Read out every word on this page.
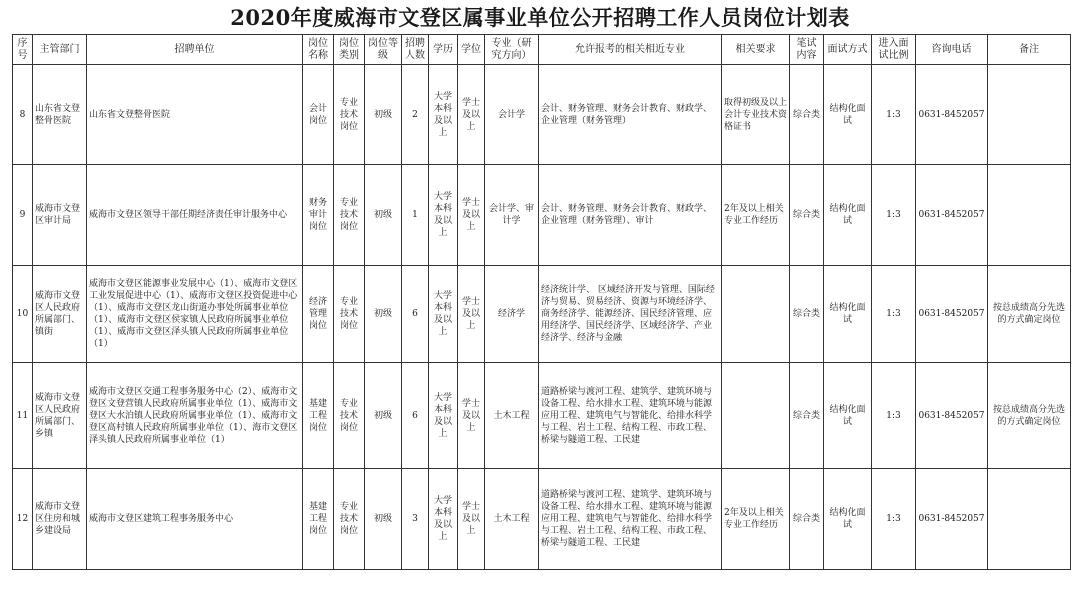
2020年度威海市文登区属事业单位公开招聘工作人员岗位计划表
序号	主管部门	招聘单位	岗位名称	岗位类别	岗位等级	招聘人数	学历	学位	专业（研究方向）	允许报考的相关相近专业	相关要求	笔试内容	面试方式	进入面试比例	咨询电话	备注
8	山东省文登整骨医院	山东省文登整骨医院	会计岗位	专业技术岗位	初级	2	大学本科及以上	学士及以上	会计学	会计、财务管理、财务会计教育、财政学、企业管理（财务管理）	取得初级及以上会计专业技术资格证书	综合类	结构化面试	1:3	0631-8452057	
9	威海市文登区审计局	威海市文登区领导干部任期经济责任审计服务中心	财务审计岗位	专业技术岗位	初级	1	大学本科及以上	学士及以上	会计学、审计学	会计、财务管理、财务会计教育、财政学、企业管理（财务管理）、审计	2年及以上相关专业工作经历	综合类	结构化面试	1:3	0631-8452057	
10	威海市文登区人民政府所属部门、镇街	威海市文登区能源事业发展中心（1）、威海市文登区工业发展促进中心（1）、威海市文登区投资促进中心（1）、威海市文登区龙山街道办事处所属事业单位（1）、威海市文登区侯家镇人民政府所属事业单位（1）、威海市文登区泽头镇人民政府所属事业单位（1）	经济管理岗位	专业技术岗位	初级	6	大学本科及以上	学士及以上	经济学	经济统计学、 区域经济开发与管理、国际经济与贸易、贸易经济、资源与环境经济学、商务经济学、能源经济、国民经济管理、应用经济学、国民经济学、区域经济学、产业经济学、经济与金融		综合类	结构化面试	1:3	0631-8452057	按总成绩高分先选的方式确定岗位
11	威海市文登区人民政府所属部门、乡镇	威海市文登区交通工程事务服务中心（2）、威海市文登区文登营镇人民政府所属事业单位（1）、威海市文登区大水泊镇人民政府所属事业单位（1）、威海市文登区高村镇人民政府所属事业单位（1）、海市文登区泽头镇人民政府所属事业单位（1）	基建工程岗位	专业技术岗位	初级	6	大学本科及以上	学士及以上	土木工程	道路桥梁与渡河工程、建筑学、建筑环境与设备工程、给水排水工程、建筑环境与能源应用工程、建筑电气与智能化、给排水科学与工程、岩土工程、结构工程、市政工程、桥梁与隧道工程、工民建		综合类	结构化面试	1:3	0631-8452057	按总成绩高分先选的方式确定岗位
12	威海市文登区住房和城乡建设局	威海市文登区建筑工程事务服务中心	基建工程岗位	专业技术岗位	初级	3	大学本科及以上	学士及以上	土木工程	道路桥梁与渡河工程、建筑学、建筑环境与设备工程、给水排水工程、建筑环境与能源应用工程、建筑电气与智能化、给排水科学与工程、岩土工程、结构工程、市政工程、桥梁与隧道工程、工民建	2年及以上相关专业工作经历	综合类	结构化面试	1:3	0631-8452057	
